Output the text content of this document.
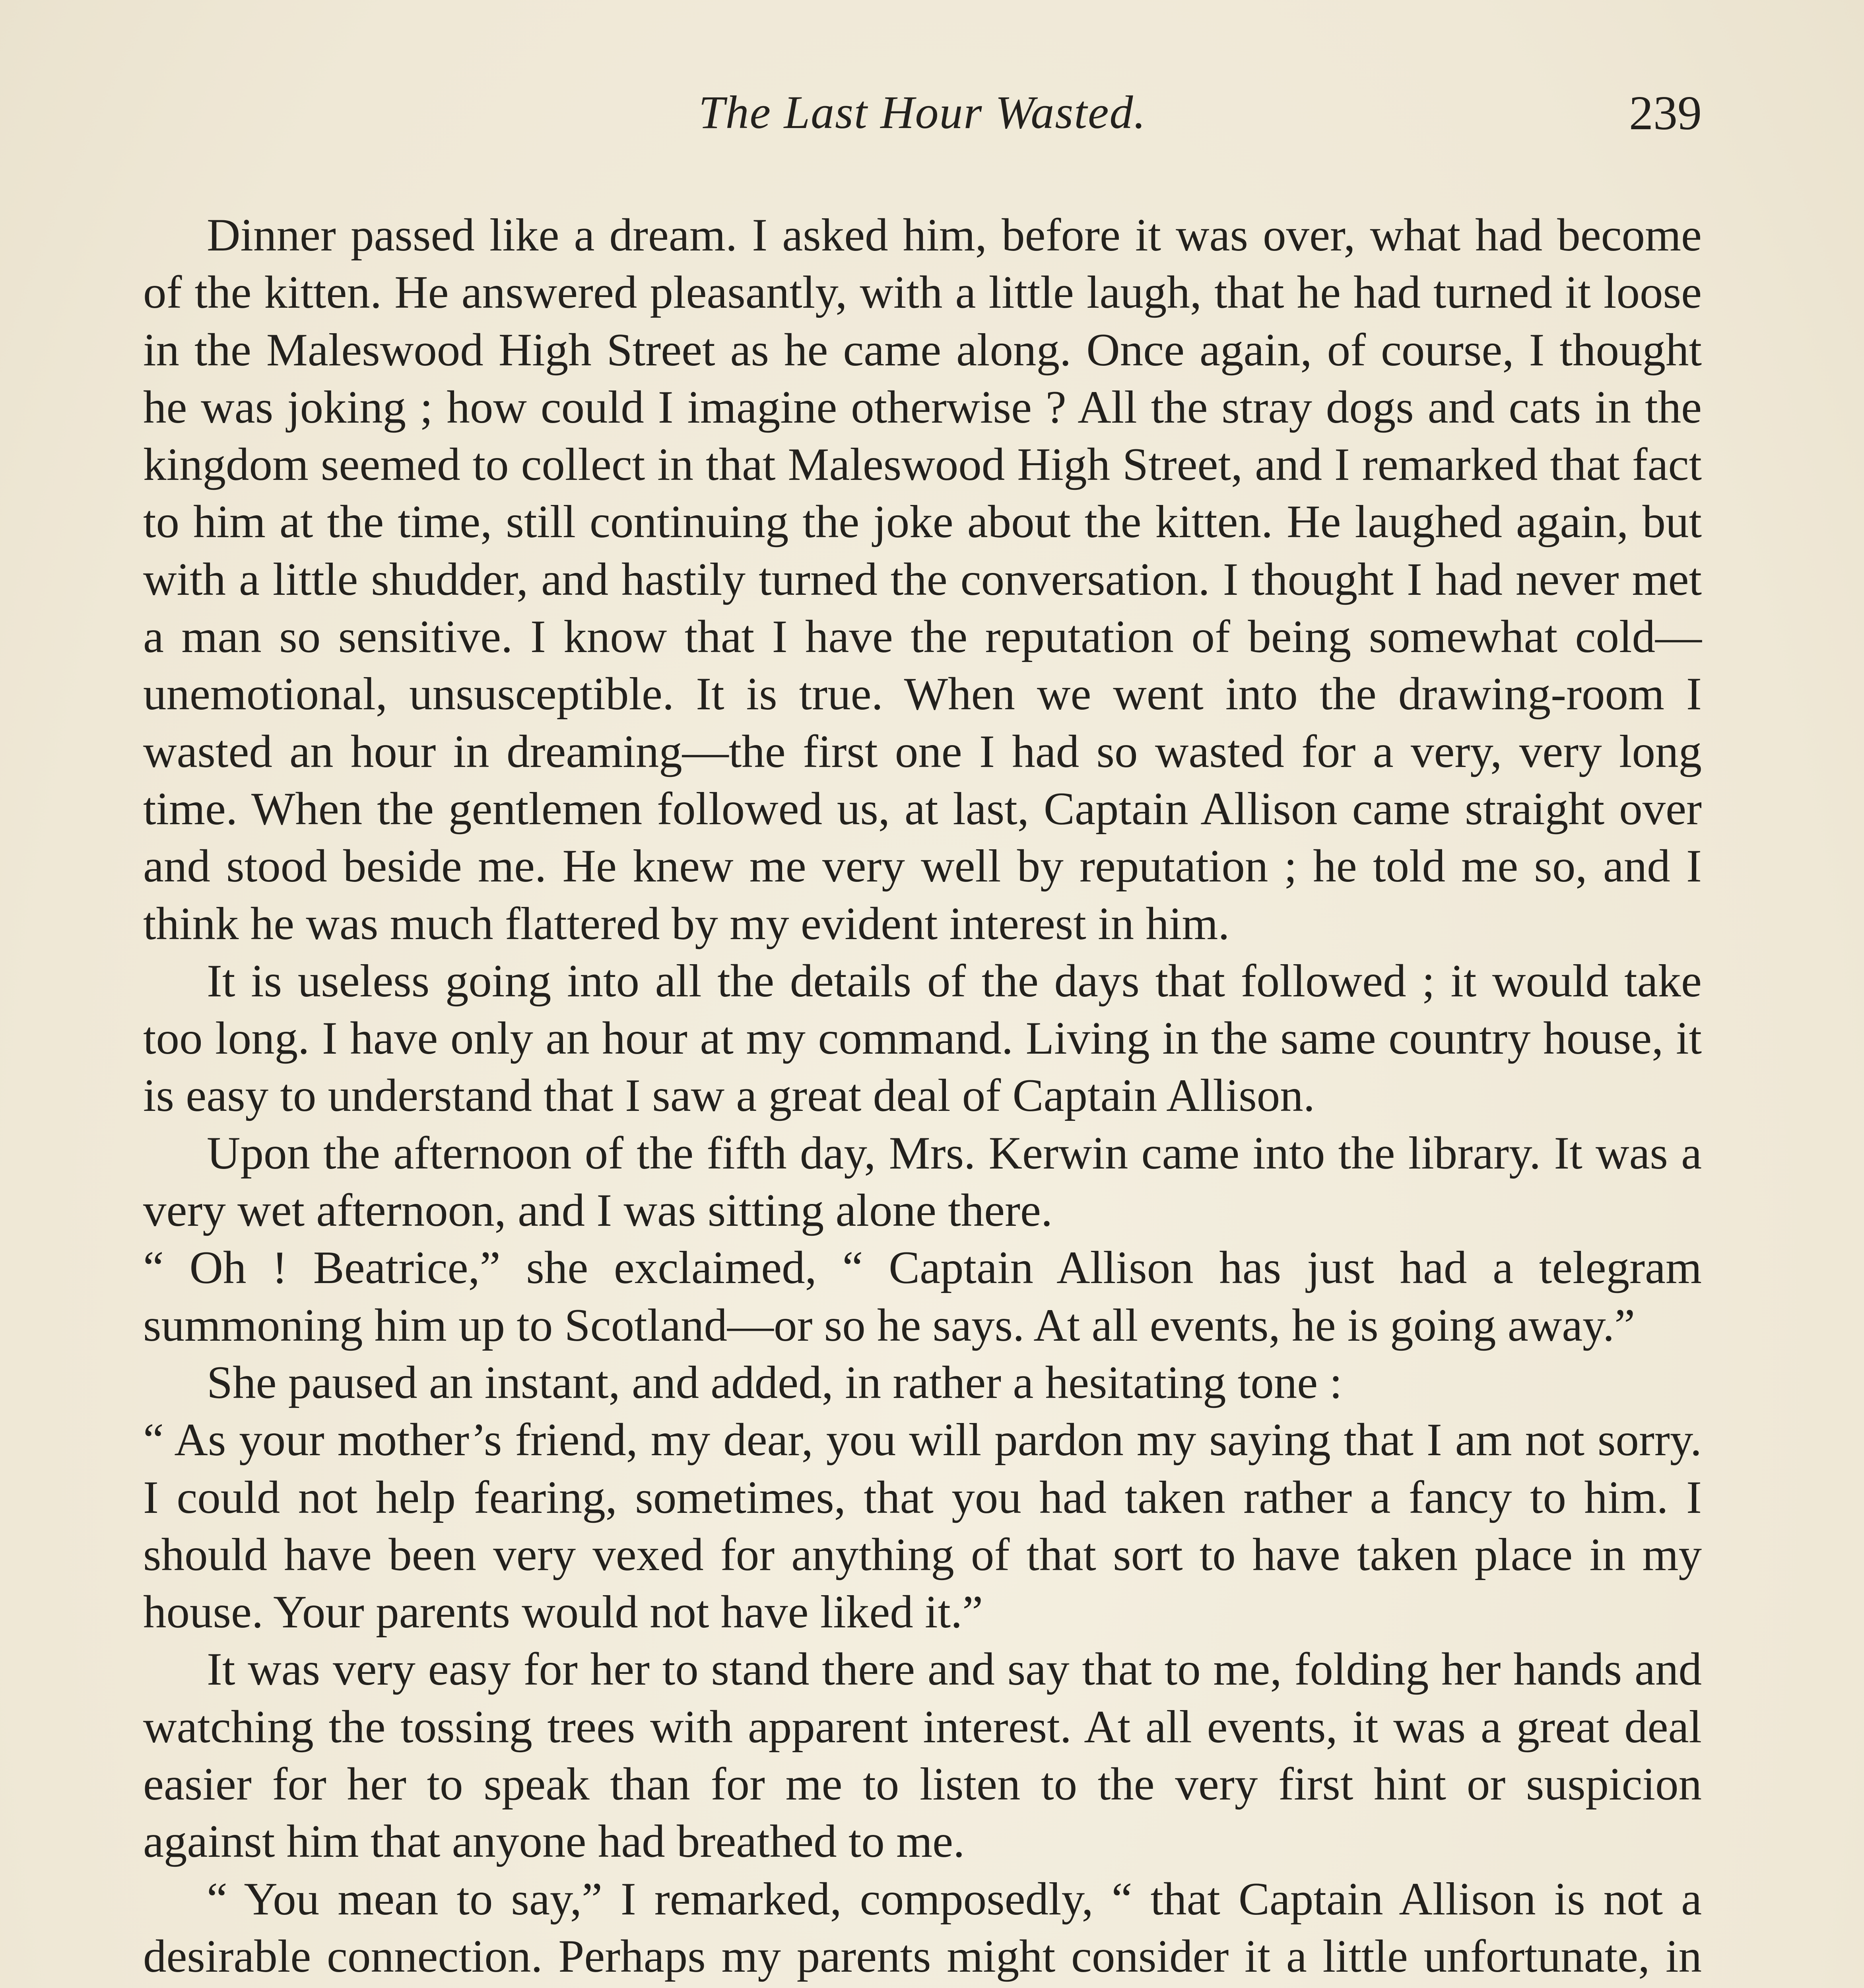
The Last Hour Wasted.	239

Dinner passed like a dream. I asked him, before it was over, what had become of the kitten. He answered pleasantly, with a little laugh, that he had turned it loose in the Maleswood High Street as he came along. Once again, of course, I thought he was joking ; how could I imagine otherwise ? All the stray dogs and cats in the kingdom seemed to collect in that Maleswood High Street, and I remarked that fact to him at the time, still continuing the joke about the kitten. He laughed again, but with a little shudder, and hastily turned the conversation. I thought I had never met a man so sensitive. I know that I have the reputation of being somewhat cold—unemotional, unsusceptible. It is true. When we went into the drawing-room I wasted an hour in dreaming—the first one I had so wasted for a very, very long time. When the gentlemen followed us, at last, Captain Allison came straight over and stood beside me. He knew me very well by reputation ; he told me so, and I think he was much flattered by my evident interest in him.

It is useless going into all the details of the days that followed ; it would take too long. I have only an hour at my command. Living in the same country house, it is easy to understand that I saw a great deal of Captain Allison.

Upon the afternoon of the fifth day, Mrs. Kerwin came into the library. It was a very wet afternoon, and I was sitting alone there.

“ Oh ! Beatrice,” she exclaimed, “ Captain Allison has just had a telegram summoning him up to Scotland—or so he says. At all events, he is going away.”

She paused an instant, and added, in rather a hesitating tone :

“ As your mother’s friend, my dear, you will pardon my saying that I am not sorry. I could not help fearing, sometimes, that you had taken rather a fancy to him. I should have been very vexed for anything of that sort to have taken place in my house. Your parents would not have liked it.”

It was very easy for her to stand there and say that to me, folding her hands and watching the tossing trees with apparent interest. At all events, it was a great deal easier for her to speak than for me to listen to the very first hint or suspicion against him that anyone had breathed to me.

“ You mean to say,” I remarked, composedly, “ that Captain Allison is not a desirable connection. Perhaps my parents might consider it a little unfortunate, in
